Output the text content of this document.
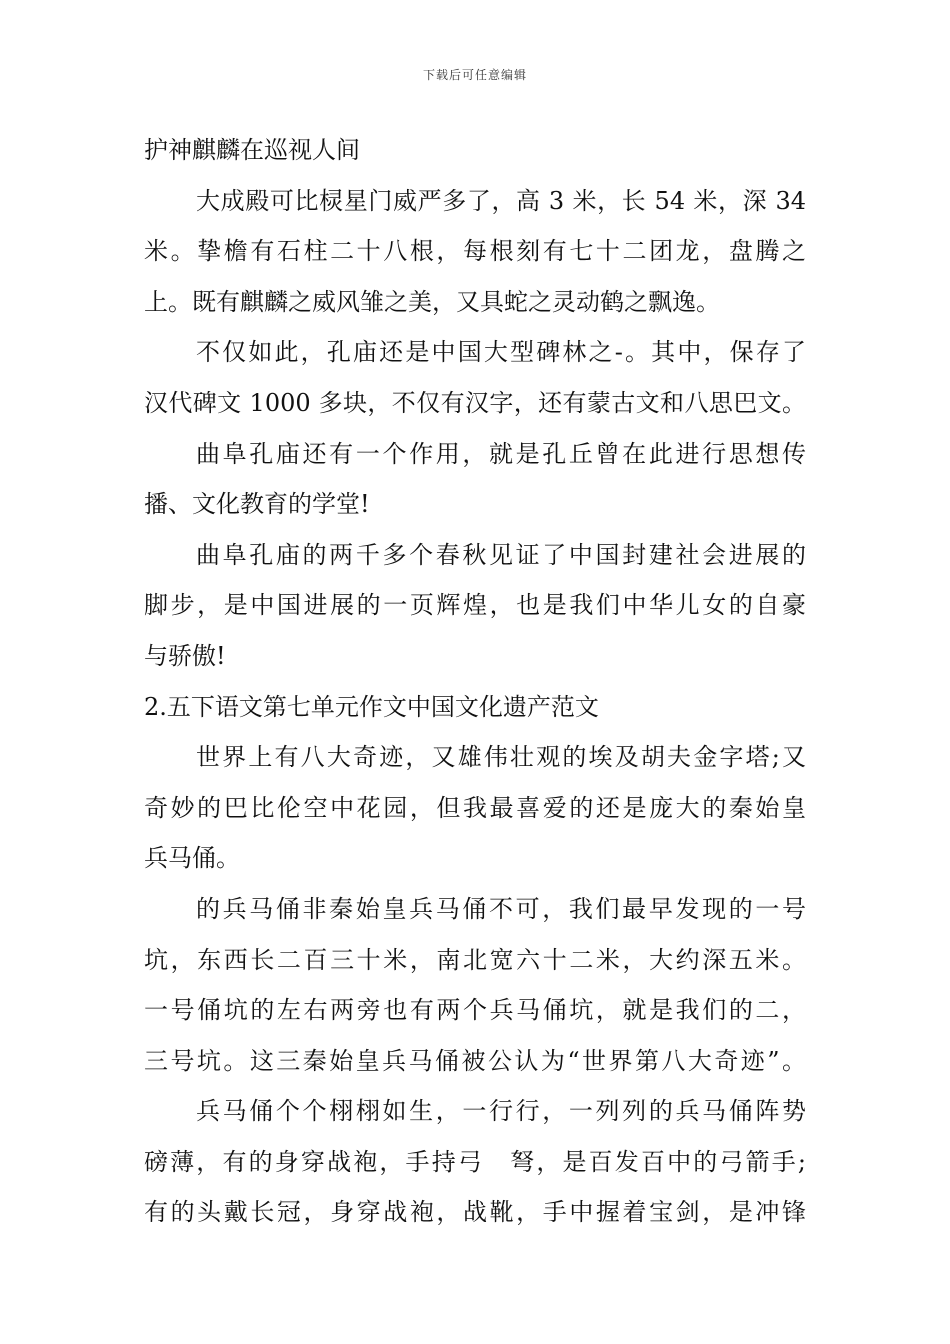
下载后可任意编辑
护神麒麟在巡视人间
大成殿可比棂星门威严多了，高 3 米，长 54 米，深 34
米。挚檐有石柱二十八根，每根刻有七十二团龙，盘腾之
上。既有麒麟之威风雏之美，又具蛇之灵动鹤之飘逸。
不仅如此，孔庙还是中国大型碑林之-。其中，保存了
汉代碑文 1000 多块，不仅有汉字，还有蒙古文和八思巴文。
曲阜孔庙还有一个作用，就是孔丘曾在此进行思想传
播、文化教育的学堂!
曲阜孔庙的两千多个春秋见证了中国封建社会进展的
脚步，是中国进展的一页辉煌，也是我们中华儿女的自豪
与骄傲!
2.五下语文第七单元作文中国文化遗产范文
世界上有八大奇迹，又雄伟壮观的埃及胡夫金字塔;又
奇妙的巴比伦空中花园，但我最喜爱的还是庞大的秦始皇
兵马俑。
的兵马俑非秦始皇兵马俑不可，我们最早发现的一号
坑，东西长二百三十米，南北宽六十二米，大约深五米。
一号俑坑的左右两旁也有两个兵马俑坑，就是我们的二，
三号坑。这三秦始皇兵马俑被公认为“世界第八大奇迹”。
兵马俑个个栩栩如生，一行行，一列列的兵马俑阵势
磅薄，有的身穿战袍，手持弓　弩，是百发百中的弓箭手;
有的头戴长冠，身穿战袍，战靴，手中握着宝剑，是冲锋
